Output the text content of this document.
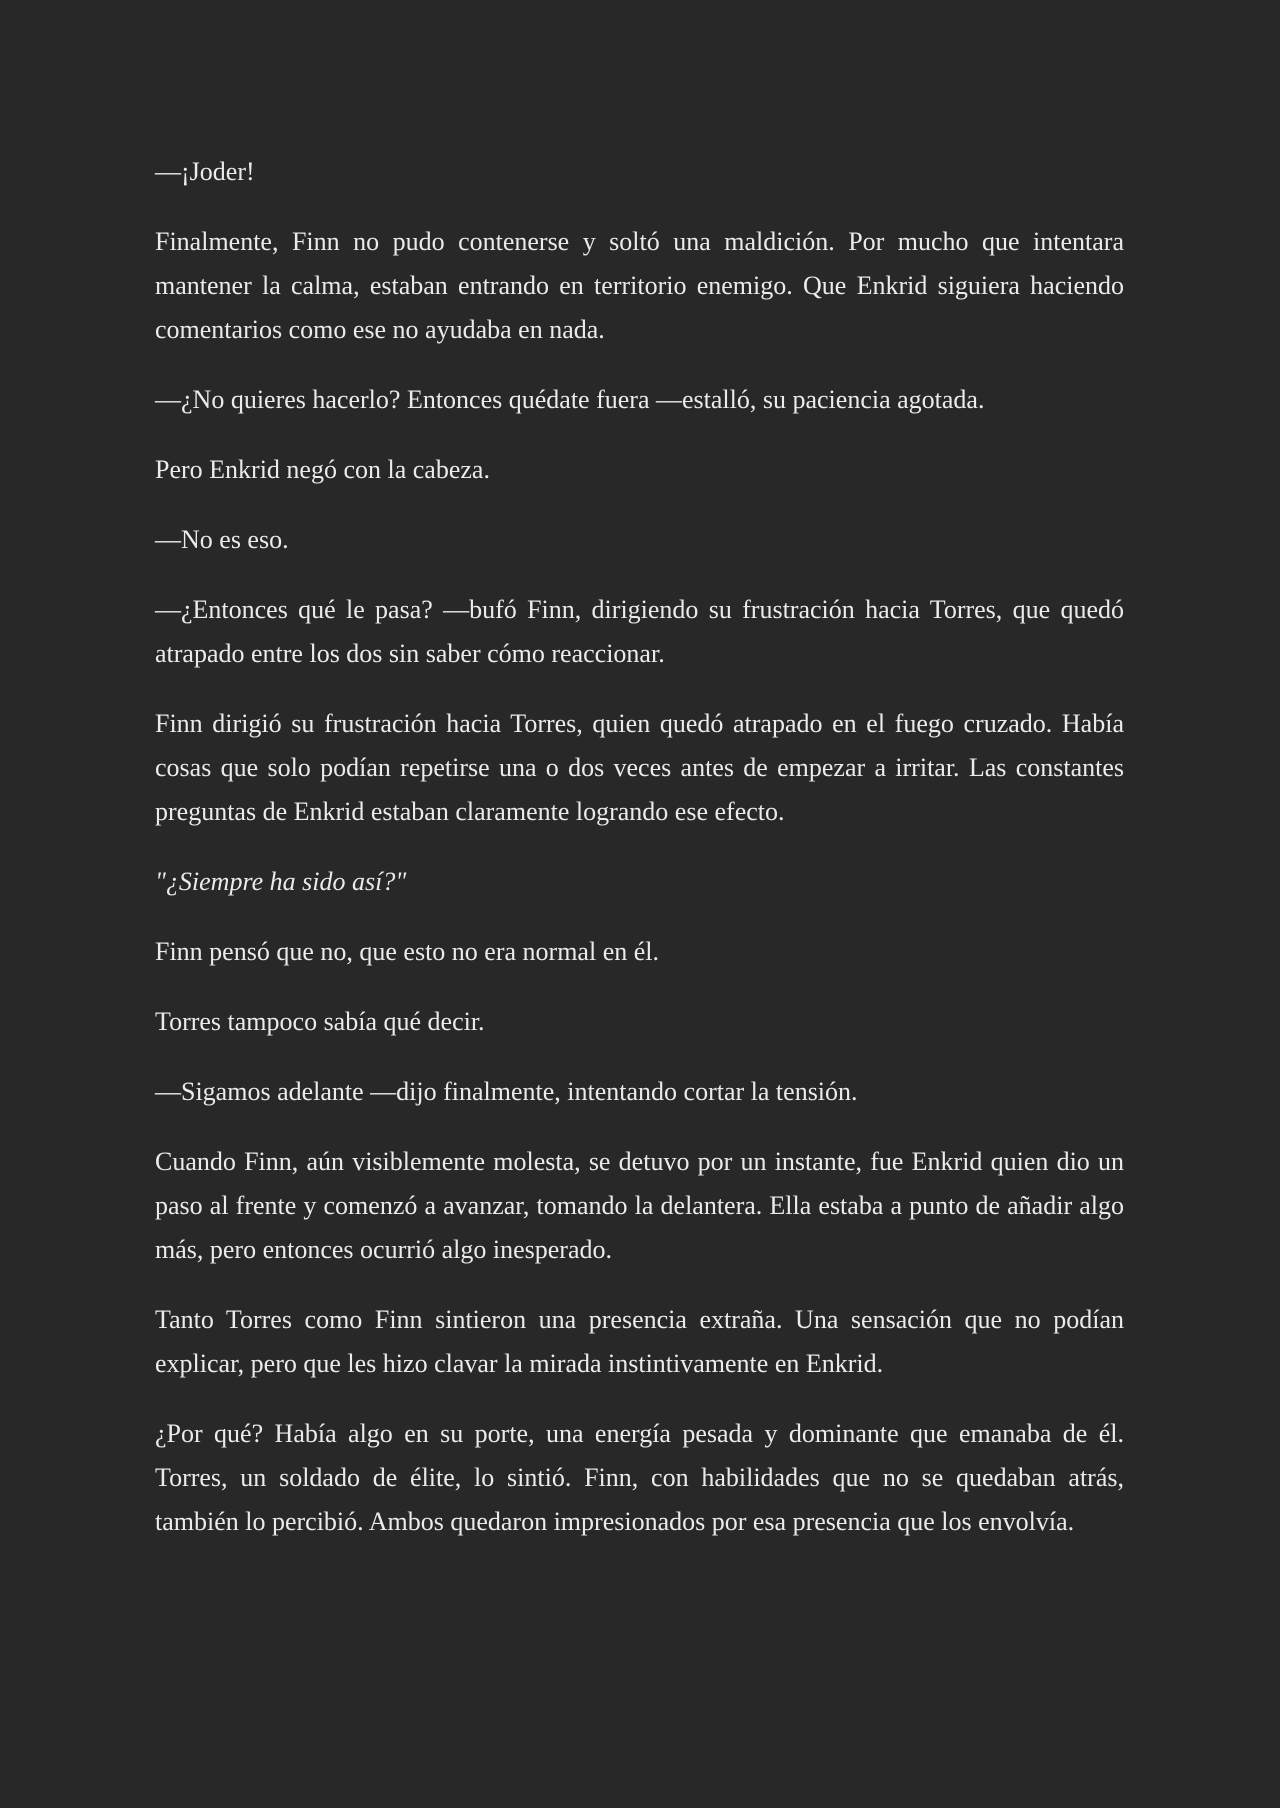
—¡Joder!

Finalmente, Finn no pudo contenerse y soltó una maldición. Por mucho que intentara mantener la calma, estaban entrando en territorio enemigo. Que Enkrid siguiera haciendo comentarios como ese no ayudaba en nada.

—¿No quieres hacerlo? Entonces quédate fuera —estalló, su paciencia agotada.

Pero Enkrid negó con la cabeza.

—No es eso.

—¿Entonces qué le pasa? —bufó Finn, dirigiendo su frustración hacia Torres, que quedó atrapado entre los dos sin saber cómo reaccionar.

Finn dirigió su frustración hacia Torres, quien quedó atrapado en el fuego cruzado. Había cosas que solo podían repetirse una o dos veces antes de empezar a irritar. Las constantes preguntas de Enkrid estaban claramente logrando ese efecto.

"¿Siempre ha sido así?"

Finn pensó que no, que esto no era normal en él.

Torres tampoco sabía qué decir.

—Sigamos adelante —dijo finalmente, intentando cortar la tensión.

Cuando Finn, aún visiblemente molesta, se detuvo por un instante, fue Enkrid quien dio un paso al frente y comenzó a avanzar, tomando la delantera. Ella estaba a punto de añadir algo más, pero entonces ocurrió algo inesperado.

Tanto Torres como Finn sintieron una presencia extraña. Una sensación que no podían explicar, pero que les hizo clavar la mirada instintivamente en Enkrid.

¿Por qué? Había algo en su porte, una energía pesada y dominante que emanaba de él. Torres, un soldado de élite, lo sintió. Finn, con habilidades que no se quedaban atrás, también lo percibió. Ambos quedaron impresionados por esa presencia que los envolvía.
